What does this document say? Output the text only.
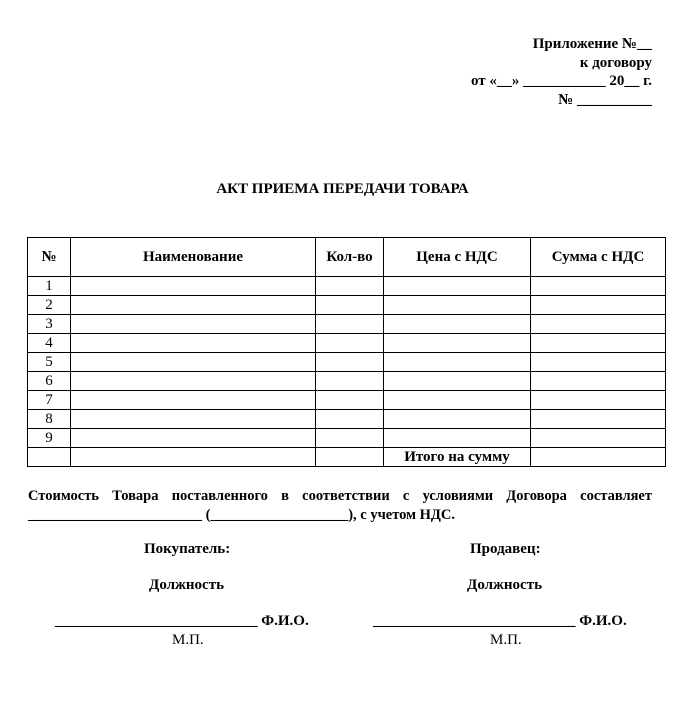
Приложение №__
к договору
от «__» ___________ 20__ г.
№ __________
АКТ ПРИЕМА ПЕРЕДАЧИ ТОВАРА
№	Наименование	Кол-во	Цена с НДС	Сумма с НДС
1				
2				
3				
4				
5				
6				
7				
8				
9				
			Итого на сумму	
Стоимость Товара поставленного в соответствии с условиями Договора составляет
________________________ (___________________), с учетом НДС.
Покупатель:	Продавец:
Должность	Должность
___________________________ Ф.И.О.	___________________________ Ф.И.О.
М.П.	М.П.
